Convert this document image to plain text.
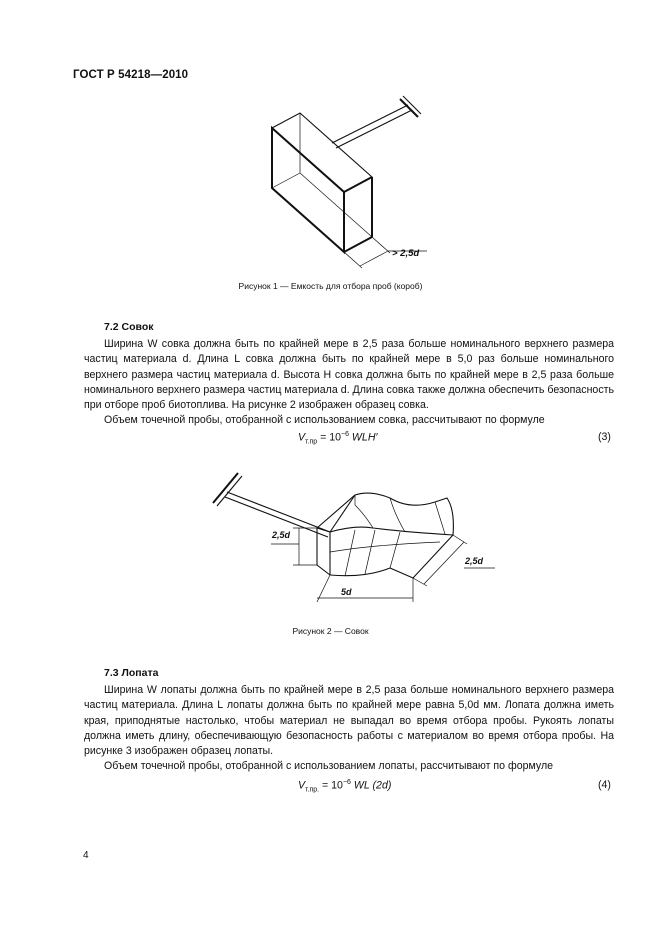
ГОСТ Р 54218—2010
> 2,5d
Рисунок 1 — Емкость для отбора проб (короб)
7.2 Совок

Ширина W совка должна быть по крайней мере в 2,5 раза больше номинального верхнего размера частиц материала d. Длина L совка должна быть по крайней мере в 5,0 раз больше номинального верхнего размера частиц материала d. Высота H совка должна быть по крайней мере в 2,5 раза больше номинального верхнего размера частиц материала d. Длина совка также должна обеспечить безопасность при отборе проб биотоплива. На рисунке 2 изображен образец совка.

Объем точечной пробы, отобранной с использованием совка, рассчитывают по формуле

$V_{т.пр} = 10^{-6}$ WLH′	(3)
2,5d
2,5d
5d
Рисунок 2 — Совок
7.3 Лопата

Ширина W лопаты должна быть по крайней мере в 2,5 раза больше номинального верхнего размера частиц материала. Длина L лопаты должна быть по крайней мере равна 5,0d мм. Лопата должна иметь края, приподнятые настолько, чтобы материал не выпадал во время отбора пробы. Рукоять лопаты должна иметь длину, обеспечивающую безопасность работы с материалом во время отбора пробы. На рисунке 3 изображен образец лопаты.

Объем точечной пробы, отобранной с использованием лопаты, рассчитывают по формуле

$V_{т.пр.} = 10^{-6}$ WL (2d)	(4)
4
